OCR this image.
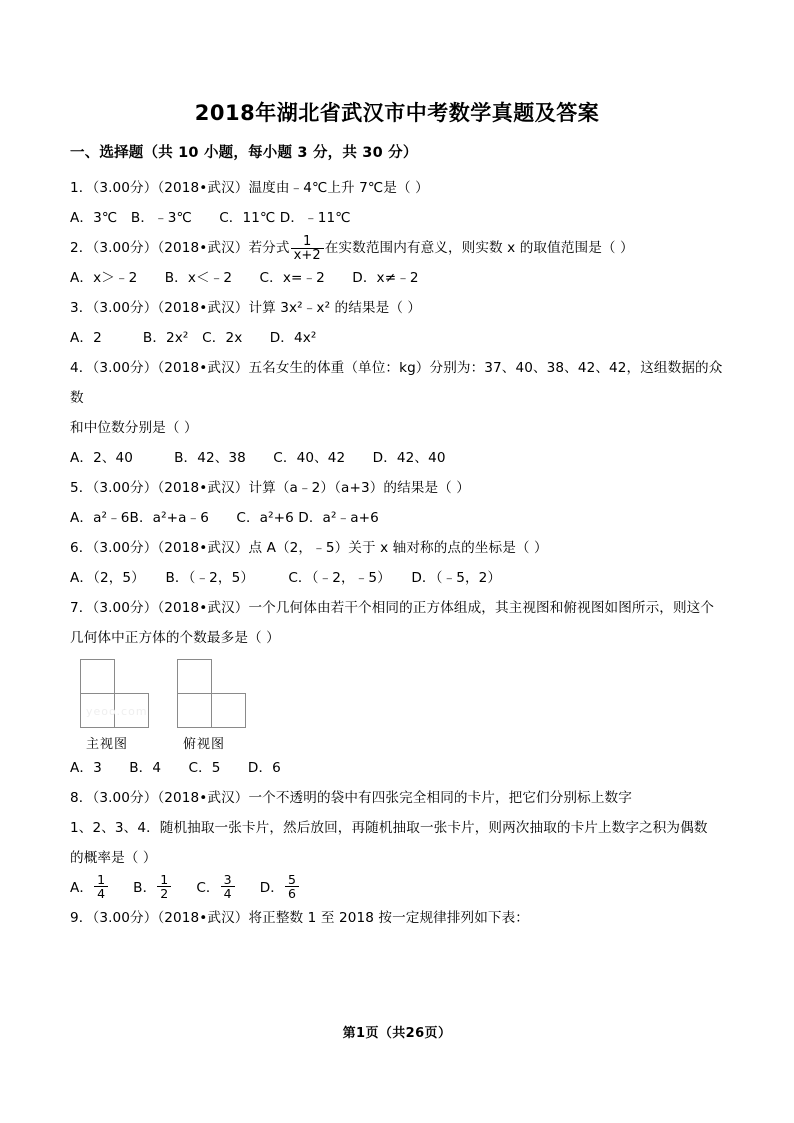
2018年湖北省武汉市中考数学真题及答案
一、选择题（共 10 小题，每小题 3 分，共 30 分）

1．（3.00分）（2018•武汉）温度由﹣4℃上升 7℃是（ ）

A．3℃　B．﹣3℃　　C．11℃ D．﹣11℃

2．（3.00分）（2018•武汉）若分式 $\frac{1}{x+2}$ 在实数范围内有意义，则实数 x 的取值范围是（ ）

A．x＞﹣2　　B．x＜﹣2　　C．x=﹣2　　D．x≠﹣2

3．（3.00分）（2018•武汉）计算 3x²﹣x² 的结果是（ ）

A．2　　　B．2x²　C．2x　　D．4x²

4．（3.00分）（2018•武汉）五名女生的体重（单位：kg）分别为：37、40、38、42、42，这组数据的众数

和中位数分别是（ ）

A．2、40　　　B．42、38　　C．40、42　　D．42、40

5．（3.00分）（2018•武汉）计算（a﹣2）（a+3）的结果是（ ）

A．a²﹣6B．a²+a﹣6　　C．a²+6 D．a²﹣a+6

6．（3.00分）（2018•武汉）点 A（2，﹣5）关于 x 轴对称的点的坐标是（ ）

A．（2，5）　　B．（﹣2，5）　　　C．（﹣2，﹣5）　　D．（﹣5，2）

7．（3.00分）（2018•武汉）一个几何体由若干个相同的正方体组成，其主视图和俯视图如图所示，则这个

几何体中正方体的个数最多是（ ）

yeoo.com
主视图	俯视图

A．3　　B．4　　C．5　　D．6

8．（3.00分）（2018•武汉）一个不透明的袋中有四张完全相同的卡片，把它们分别标上数字

1、2、3、4．随机抽取一张卡片，然后放回，再随机抽取一张卡片，则两次抽取的卡片上数字之积为偶数

的概率是（ ）

A． $\frac{1}{4}$ B． $\frac{1}{2}$ C． $\frac{3}{4}$ D． $\frac{5}{6}$

9．（3.00分）（2018•武汉）将正整数 1 至 2018 按一定规律排列如下表：

第1页（共26页）
